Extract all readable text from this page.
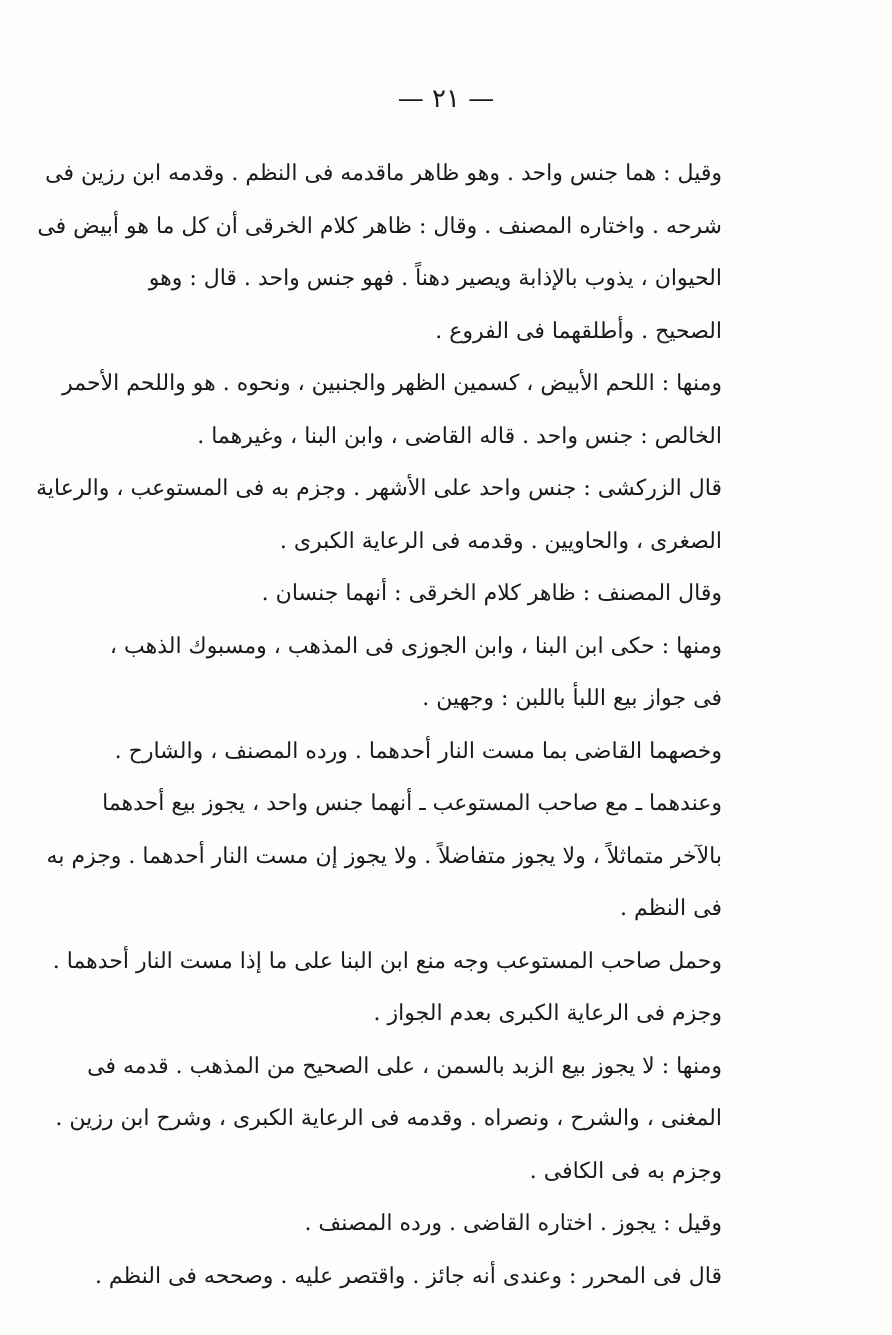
— ٢١ —

وقيل : هما جنس واحد . وهو ظاهر ماقدمه فى النظم . وقدمه ابن رزين فى
شرحه . واختاره المصنف . وقال : ظاهر كلام الخرقى أن كل ما هو أبيض فى
الحيوان ، يذوب بالإذابة ويصير دهناً . فهو جنس واحد . قال : وهو
الصحيح . وأطلقهما فى الفروع .

ومنها : اللحم الأبيض ، كسمين الظهر والجنبين ، ونحوه . هو واللحم الأحمر
الخالص : جنس واحد . قاله القاضى ، وابن البنا ، وغيرهما .

قال الزركشى : جنس واحد على الأشهر . وجزم به فى المستوعب ، والرعاية
الصغرى ، والحاويين . وقدمه فى الرعاية الكبرى .

وقال المصنف : ظاهر كلام الخرقى : أنهما جنسان .

ومنها : حكى ابن البنا ، وابن الجوزى فى المذهب ، ومسبوك الذهب ،
فى جواز بيع اللبأ باللبن : وجهين .

وخصهما القاضى بما مست النار أحدهما . ورده المصنف ، والشارح .

وعندهما ـ مع صاحب المستوعب ـ أنهما جنس واحد ، يجوز بيع أحدهما
بالآخر متماثلاً ، ولا يجوز متفاضلاً . ولا يجوز إن مست النار أحدهما . وجزم به
فى النظم .

وحمل صاحب المستوعب وجه منع ابن البنا على ما إذا مست النار أحدهما .
وجزم فى الرعاية الكبرى بعدم الجواز .

ومنها : لا يجوز بيع الزبد بالسمن ، على الصحيح من المذهب . قدمه فى
المغنى ، والشرح ، ونصراه . وقدمه فى الرعاية الكبرى ، وشرح ابن رزين .
وجزم به فى الكافى .

وقيل : يجوز . اختاره القاضى . ورده المصنف .

قال فى المحرر : وعندى أنه جائز . واقتصر عليه . وصححه فى النظم .
